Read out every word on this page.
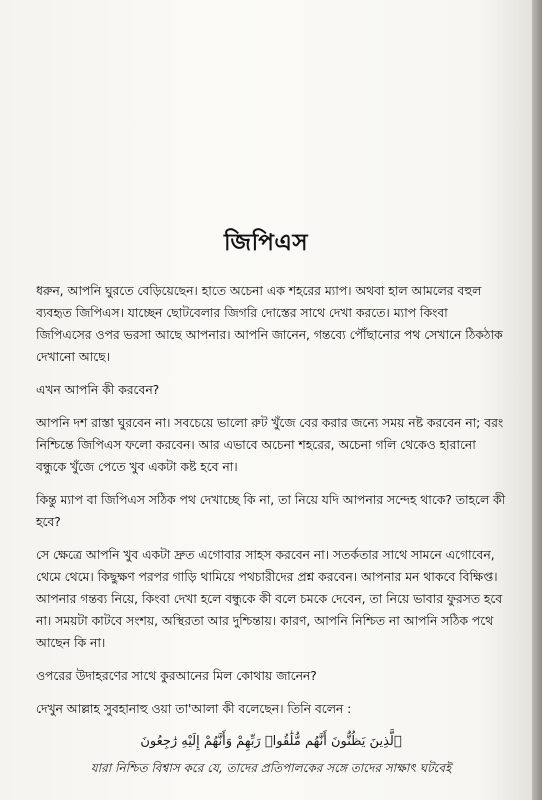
জিপিএস

ধরুন, আপনি ঘুরতে বেড়িয়েছেন। হাতে অচেনা এক শহরের ম্যাপ। অথবা হাল আমলের বহুল ব্যবহৃত জিপিএস। যাচ্ছেন ছোটবেলার জিগরি দোস্তের সাথে দেখা করতে। ম্যাপ কিংবা জিপিএসের ওপর ভরসা আছে আপনার। আপনি জানেন, গন্তব্যে পৌঁছানোর পথ সেখানে ঠিকঠাক দেখানো আছে।

এখন আপনি কী করবেন?

আপনি দশ রাস্তা ঘুরবেন না। সবচেয়ে ভালো রুট খুঁজে বের করার জন্যে সময় নষ্ট করবেন না; বরং নিশ্চিন্তে জিপিএস ফলো করবেন। আর এভাবে অচেনা শহরের, অচেনা গলি থেকেও হারানো বন্ধুকে খুঁজে পেতে খুব একটা কষ্ট হবে না।

কিন্তু ম্যাপ বা জিপিএস সঠিক পথ দেখাচ্ছে কি না, তা নিয়ে যদি আপনার সন্দেহ থাকে? তাহলে কী হবে?

সে ক্ষেত্রে আপনি খুব একটা দ্রুত এগোবার সাহস করবেন না। সতর্কতার সাথে সামনে এগোবেন, থেমে থেমে। কিছুক্ষণ পরপর গাড়ি থামিয়ে পথচারীদের প্রশ্ন করবেন। আপনার মন থাকবে বিক্ষিপ্ত। আপনার গন্তব্য নিয়ে, কিংবা দেখা হলে বন্ধুকে কী বলে চমকে দেবেন, তা নিয়ে ভাবার ফুরসত হবে না। সময়টা কাটবে সংশয়, অস্থিরতা আর দুশ্চিন্তায়। কারণ, আপনি নিশ্চিত না আপনি সঠিক পথে আছেন কি না।

ওপরের উদাহরণের সাথে কুরআনের মিল কোথায় জানেন?

দেখুন আল্লাহ সুবহানাহু ওয়া তা'আলা কী বলেছেন। তিনি বলেন :

ٱلَّذِينَ يَظُنُّونَ أَنَّهُم مُّلَٰقُوا۟ رَبِّهِمْ وَأَنَّهُمْ إِلَيْهِ رَٰجِعُونَ
যারা নিশ্চিত বিশ্বাস করে যে, তাদের প্রতিপালকের সঙ্গে তাদের সাক্ষাৎ ঘটবেই
